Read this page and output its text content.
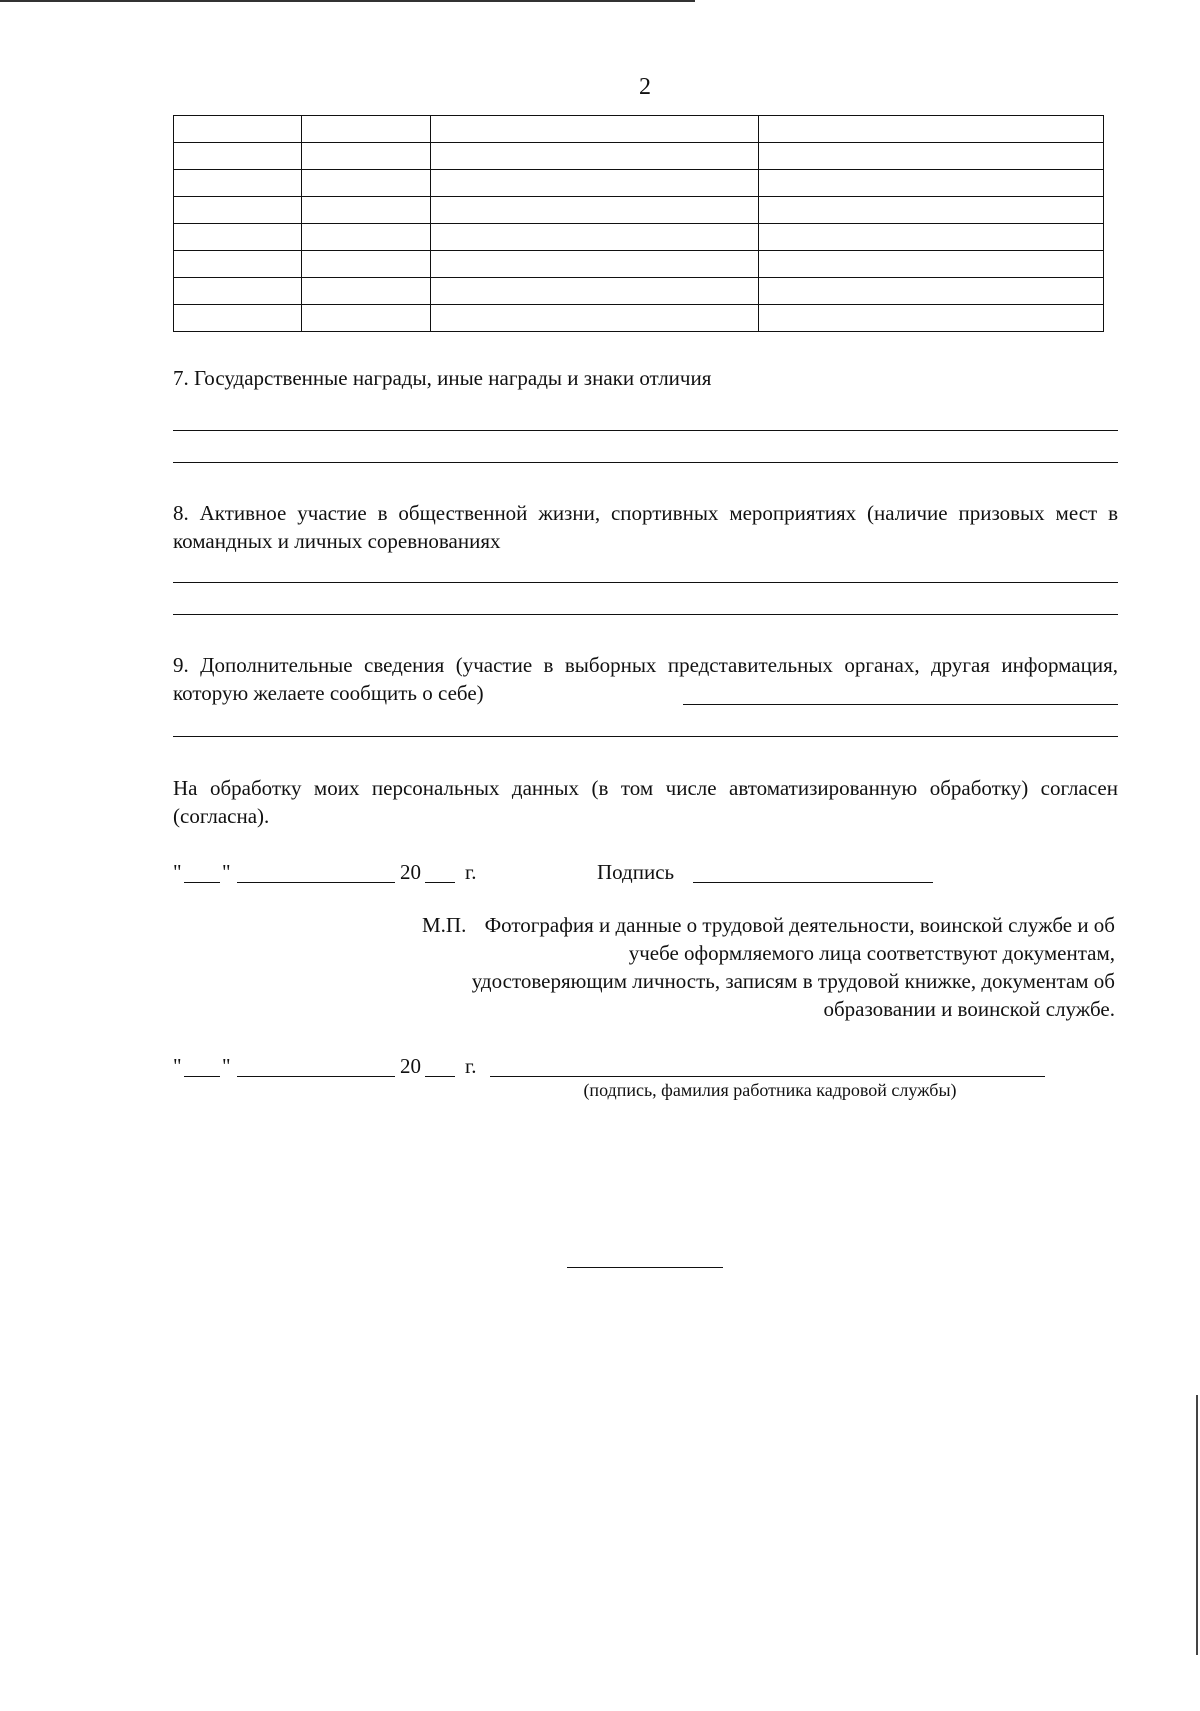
2

7. Государственные награды, иные награды и знаки отличия
8. Активное участие в общественной жизни, спортивных мероприятиях (наличие призовых мест в командных и личных соревнованиях
9. Дополнительные сведения (участие в выборных представительных органах, другая информация, которую желаете сообщить о себе)
На обработку моих персональных данных (в том числе автоматизированную обработку) согласен (согласна).
" "	20 г.	Подпись
М.П. Фотография и данные о трудовой деятельности, воинской службе и об учебе оформляемого лица соответствуют документам, удостоверяющим личность, записям в трудовой книжке, документам об образовании и воинской службе.
" "	20 г.
(подпись, фамилия работника кадровой службы)
